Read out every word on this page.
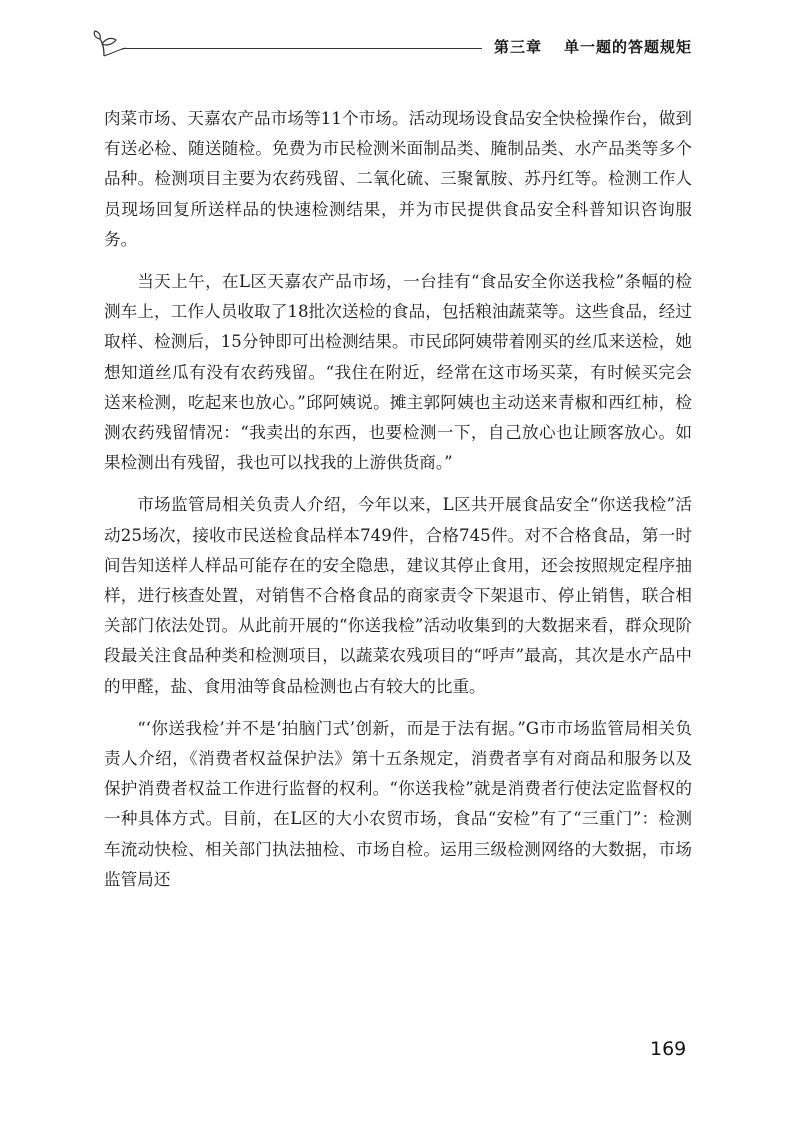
第三章 单一题的答题规矩

肉菜市场、天嘉农产品市场等11个市场。活动现场设食品安全快检操作台，做到有送必检、随送随检。免费为市民检测米面制品类、腌制品类、水产品类等多个品种。检测项目主要为农药残留、二氧化硫、三聚氰胺、苏丹红等。检测工作人员现场回复所送样品的快速检测结果，并为市民提供食品安全科普知识咨询服务。

当天上午，在L区天嘉农产品市场，一台挂有“食品安全你送我检”条幅的检测车上，工作人员收取了18批次送检的食品，包括粮油蔬菜等。这些食品，经过取样、检测后，15分钟即可出检测结果。市民邱阿姨带着刚买的丝瓜来送检，她想知道丝瓜有没有农药残留。“我住在附近，经常在这市场买菜，有时候买完会送来检测，吃起来也放心。”邱阿姨说。摊主郭阿姨也主动送来青椒和西红柿，检测农药残留情况：“我卖出的东西，也要检测一下，自己放心也让顾客放心。如果检测出有残留，我也可以找我的上游供货商。”

市场监管局相关负责人介绍，今年以来，L区共开展食品安全“你送我检”活动25场次，接收市民送检食品样本749件，合格745件。对不合格食品，第一时间告知送样人样品可能存在的安全隐患，建议其停止食用，还会按照规定程序抽样，进行核查处置，对销售不合格食品的商家责令下架退市、停止销售，联合相关部门依法处罚。从此前开展的“你送我检”活动收集到的大数据来看，群众现阶段最关注食品种类和检测项目，以蔬菜农残项目的“呼声”最高，其次是水产品中的甲醛，盐、食用油等食品检测也占有较大的比重。

“‘你送我检’并不是‘拍脑门式’创新，而是于法有据。”G市市场监管局相关负责人介绍，《消费者权益保护法》第十五条规定，消费者享有对商品和服务以及保护消费者权益工作进行监督的权利。“你送我检”就是消费者行使法定监督权的一种具体方式。目前，在L区的大小农贸市场，食品“安检”有了“三重门”：检测车流动快检、相关部门执法抽检、市场自检。运用三级检测网络的大数据，市场监管局还

169
